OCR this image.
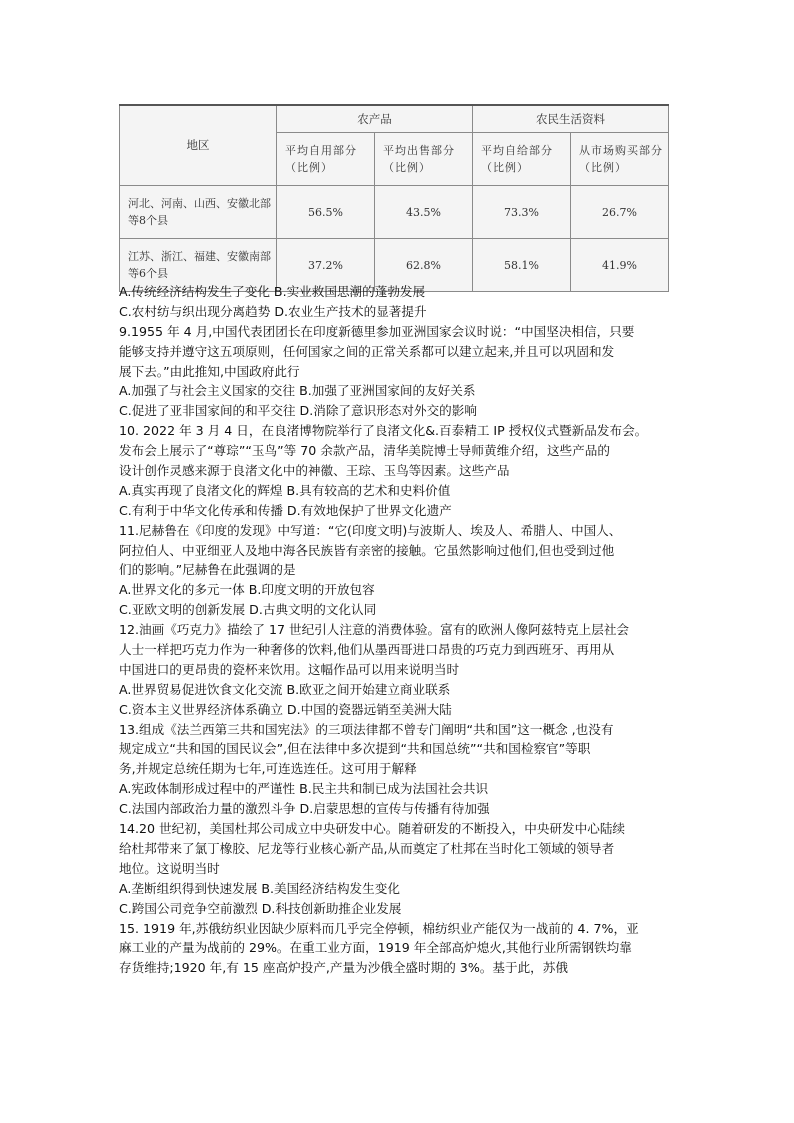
地区	农产品		农民生活资料	
	平均自用部分（比例）	平均出售部分（比例）	平均自给部分（比例）	从市场购买部分（比例）
河北、河南、山西、安徽北部等8个县	56.5%	43.5%	73.3%	26.7%
江苏、浙江、福建、安徽南部等6个县	37.2%	62.8%	58.1%	41.9%
A.传统经济结构发生了变化 B.实业救国思潮的蓬勃发展
C.农村纺与织出现分离趋势 D.农业生产技术的显著提升
9.1955 年 4 月,中国代表团团长在印度新德里参加亚洲国家会议时说：“中国坚决相信，只要
能够支持并遵守这五项原则，任何国家之间的正常关系都可以建立起来,并且可以巩固和发
展下去。”由此推知,中国政府此行
A.加强了与社会主义国家的交往 B.加强了亚洲国家间的友好关系
C.促进了亚非国家间的和平交往 D.消除了意识形态对外交的影响
10. 2022 年 3 月 4 日，在良渚博物院举行了良渚文化&.百泰精工 IP 授权仪式暨新品发布会。
发布会上展示了“尊琮”“玉鸟”等 70 余款产品，清华美院博士导师黄维介绍，这些产品的
设计创作灵感来源于良渚文化中的神徽、王琮、玉鸟等因素。这些产品
A.真实再现了良渚文化的辉煌 B.具有较高的艺术和史料价值
C.有利于中华文化传承和传播 D.有效地保护了世界文化遗产
11.尼赫鲁在《印度的发现》中写道：“它(印度文明)与波斯人、埃及人、希腊人、中国人、
阿拉伯人、中亚细亚人及地中海各民族皆有亲密的接触。它虽然影响过他们,但也受到过他
们的影响。”尼赫鲁在此强调的是
A.世界文化的多元一体 B.印度文明的开放包容
C.亚欧文明的创新发展 D.古典文明的文化认同
12.油画《巧克力》描绘了 17 世纪引人注意的消费体验。富有的欧洲人像阿兹特克上层社会
人士一样把巧克力作为一种奢侈的饮料,他们从墨西哥进口昂贵的巧克力到西班牙、再用从
中国进口的更昂贵的瓷杯来饮用。这幅作品可以用来说明当时
A.世界贸易促进饮食文化交流 B.欧亚之间开始建立商业联系
C.资本主义世界经济体系确立 D.中国的瓷器远销至美洲大陆
13.组成《法兰西第三共和国宪法》的三项法律都不曾专门阐明“共和国”这一概念 ,也没有
规定成立“共和国的国民议会”,但在法律中多次提到“共和国总统”“共和国检察官”等职
务,并规定总统任期为七年,可连选连任。这可用于解释
A.宪政体制形成过程中的严谨性 B.民主共和制已成为法国社会共识
C.法国内部政治力量的激烈斗争 D.启蒙思想的宣传与传播有待加强
14.20 世纪初，美国杜邦公司成立中央研发中心。随着研发的不断投入，中央研发中心陆续
给杜邦带来了氯丁橡胶、尼龙等行业核心新产品,从而奠定了杜邦在当时化工领域的领导者
地位。这说明当时
A.垄断组织得到快速发展 B.美国经济结构发生变化
C.跨国公司竞争空前激烈 D.科技创新助推企业发展
15. 1919 年,苏俄纺织业因缺少原料而几乎完全停顿，棉纺织业产能仅为一战前的 4. 7%，亚
麻工业的产量为战前的 29%。在重工业方面，1919 年全部高炉熄火,其他行业所需钢铁均靠
存货维持;1920 年,有 15 座高炉投产,产量为沙俄全盛时期的 3%。基于此，苏俄
